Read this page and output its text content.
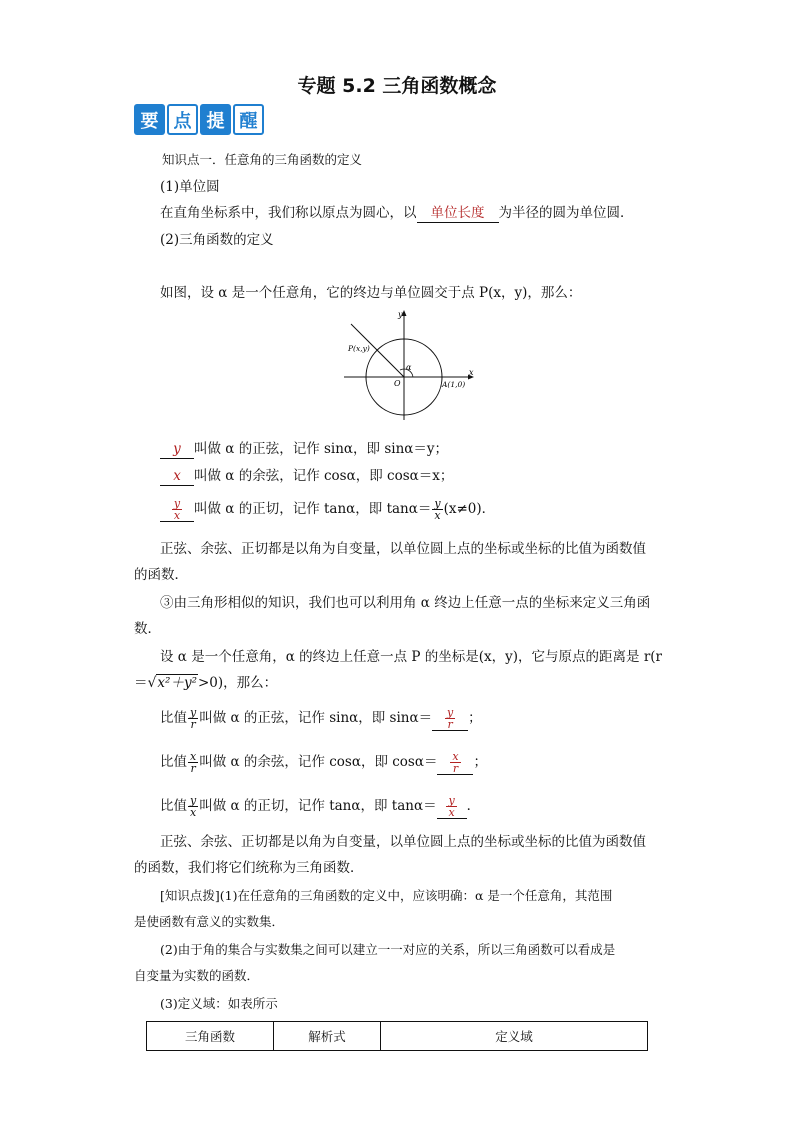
专题 5.2 三角函数概念
要 点 提 醒
知识点一．任意角的三角函数的定义
(1)单位圆
在直角坐标系中，我们称以原点为圆心，以 单位长度 为半径的圆为单位圆．
(2)三角函数的定义
如图，设 α 是一个任意角，它的终边与单位圆交于点 P(x，y)，那么：
y
x
P(x,y)
α
O	A(1,0)
y 叫做 α 的正弦，记作 sinα，即 sinα＝y；
x 叫做 α 的余弦，记作 cosα，即 cosα＝x；
$\frac{y}{x}$ 叫做 α 的正切，记作 tanα，即 $\tan\alpha= \frac{y}{x} (x\ne 0)$．
正弦、余弦、正切都是以角为自变量，以单位圆上点的坐标或坐标的比值为函数值
的函数．
③由三角形相似的知识，我们也可以利用角 α 终边上任意一点的坐标来定义三角函
数．
设 α 是一个任意角，α 的终边上任意一点 P 的坐标是(x，y)，它与原点的距离是 r(r
＝√x²＋y²>0)，那么：
比值 $\frac{y}{r}$ 叫做 α 的正弦，记作 sinα，即 $\sin\alpha= \frac{y}{r}$ ；
比值 $\frac{x}{r}$ 叫做 α 的余弦，记作 cosα，即 $\cos\alpha= \frac{x}{r}$ ；
比值 $\frac{y}{x}$ 叫做 α 的正切，记作 tanα，即 $\tan\alpha= \frac{y}{x}$ ．
正弦、余弦、正切都是以角为自变量，以单位圆上点的坐标或坐标的比值为函数值
的函数，我们将它们统称为三角函数．
[知识点拨](1)在任意角的三角函数的定义中，应该明确：α 是一个任意角，其范围
是使函数有意义的实数集．
(2)由于角的集合与实数集之间可以建立一一对应的关系，所以三角函数可以看成是
自变量为实数的函数．
(3)定义域：如表所示
三角函数	解析式	定义域
